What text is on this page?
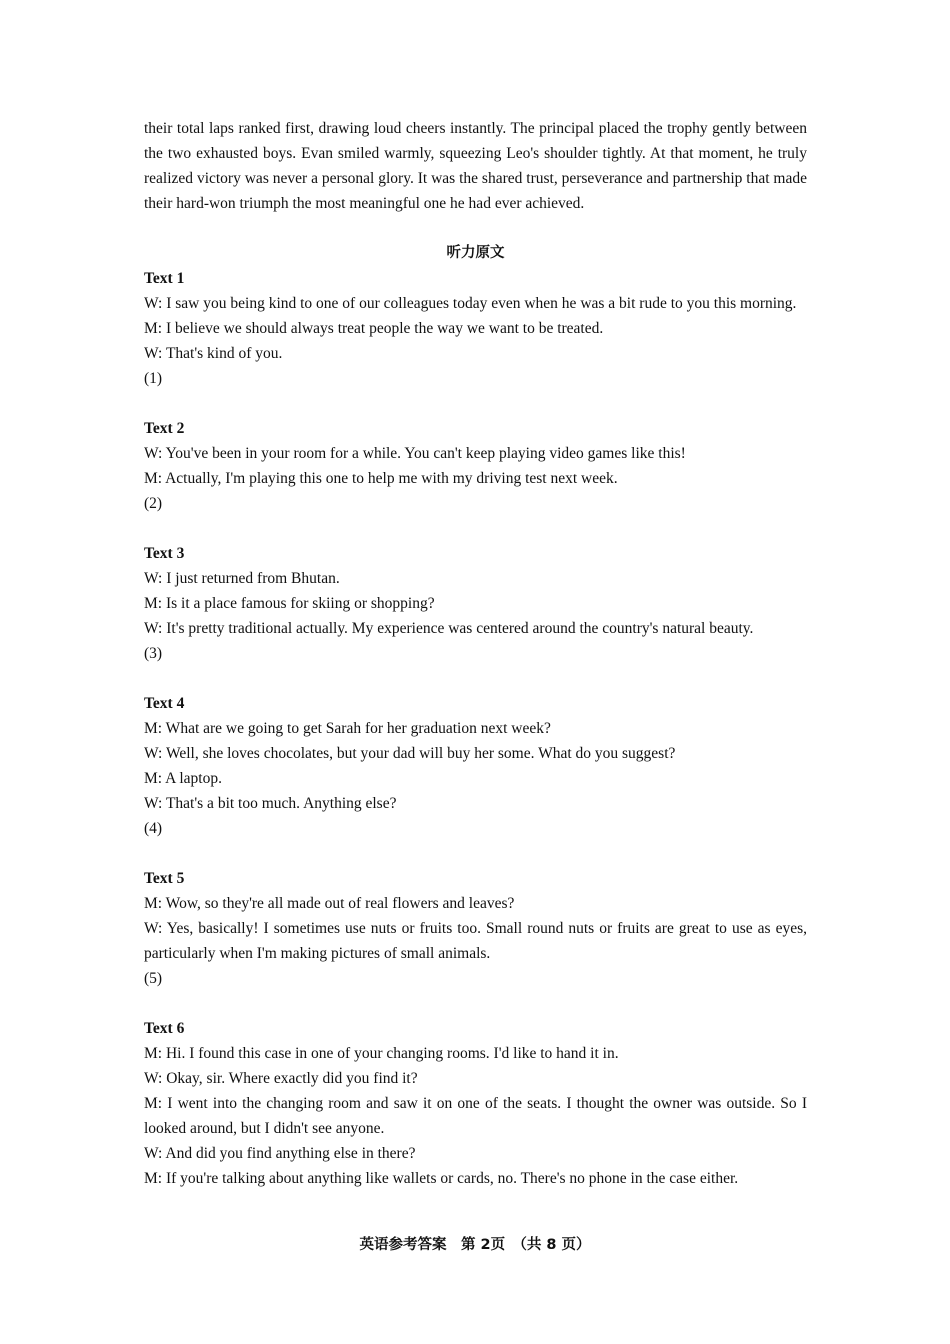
their total laps ranked first, drawing loud cheers instantly. The principal placed the trophy gently between the two exhausted boys. Evan smiled warmly, squeezing Leo's shoulder tightly. At that moment, he truly realized victory was never a personal glory. It was the shared trust, perseverance and partnership that made their hard-won triumph the most meaningful one he had ever achieved.

听力原文

Text 1

W: I saw you being kind to one of our colleagues today even when he was a bit rude to you this morning.

M: I believe we should always treat people the way we want to be treated.

W: That's kind of you.

(1)

Text 2

W: You've been in your room for a while. You can't keep playing video games like this!

M: Actually, I'm playing this one to help me with my driving test next week.

(2)

Text 3

W: I just returned from Bhutan.

M: Is it a place famous for skiing or shopping?

W: It's pretty traditional actually. My experience was centered around the country's natural beauty.

(3)

Text 4

M: What are we going to get Sarah for her graduation next week?

W: Well, she loves chocolates, but your dad will buy her some. What do you suggest?

M: A laptop.

W: That's a bit too much. Anything else?

(4)

Text 5

M: Wow, so they're all made out of real flowers and leaves?

W: Yes, basically! I sometimes use nuts or fruits too. Small round nuts or fruits are great to use as eyes, particularly when I'm making pictures of small animals.

(5)

Text 6

M: Hi. I found this case in one of your changing rooms. I'd like to hand it in.

W: Okay, sir. Where exactly did you find it?

M: I went into the changing room and saw it on one of the seats. I thought the owner was outside. So I looked around, but I didn't see anyone.

W: And did you find anything else in there?

M: If you're talking about anything like wallets or cards, no. There's no phone in the case either.

英语参考答案　第 2页　（共 8 页）
